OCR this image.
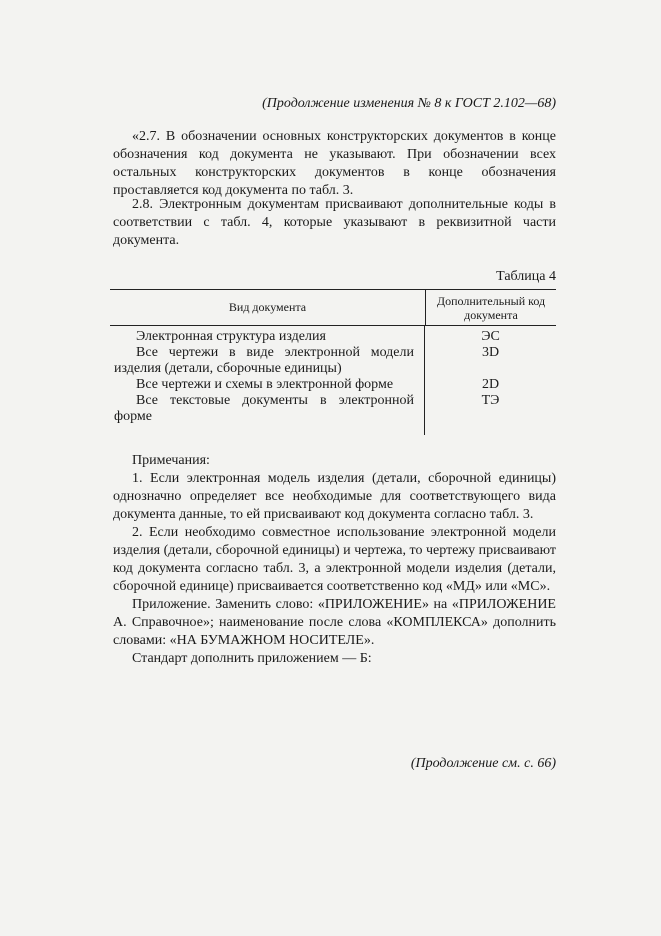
(Продолжение изменения № 8 к ГОСТ 2.102—68)

«2.7. В обозначении основных конструкторских документов в конце обозначения код документа не указывают. При обозначении всех остальных конструкторских документов в конце обозначения проставляется код документа по табл. 3.

2.8. Электронным документам присваивают дополнительные коды в соответствии с табл. 4, которые указывают в реквизитной части документа.

Таблица 4
Вид документа	Дополнительный код документа
Электронная структура изделия
Все чертежи в виде электронной модели изделия (детали, сборочные единицы)
Все чертежи и схемы в электронной форме
Все текстовые документы в электронной форме
ЭС
3D
2D
ТЭ

Примечания:

1. Если электронная модель изделия (детали, сборочной единицы) однозначно определяет все необходимые для соответствующего вида документа данные, то ей присваивают код документа согласно табл. 3.

2. Если необходимо совместное использование электронной модели изделия (детали, сборочной единицы) и чертежа, то чертежу присваивают код документа согласно табл. 3, а электронной модели изделия (детали, сборочной единице) присваивается соответственно код «МД» или «МС».

Приложение. Заменить слово: «ПРИЛОЖЕНИЕ» на «ПРИЛОЖЕНИЕ А. Справочное»; наименование после слова «КОМПЛЕКСА» дополнить словами: «НА БУМАЖНОМ НОСИТЕЛЕ».

Стандарт дополнить приложением — Б:

(Продолжение см. с. 66)
